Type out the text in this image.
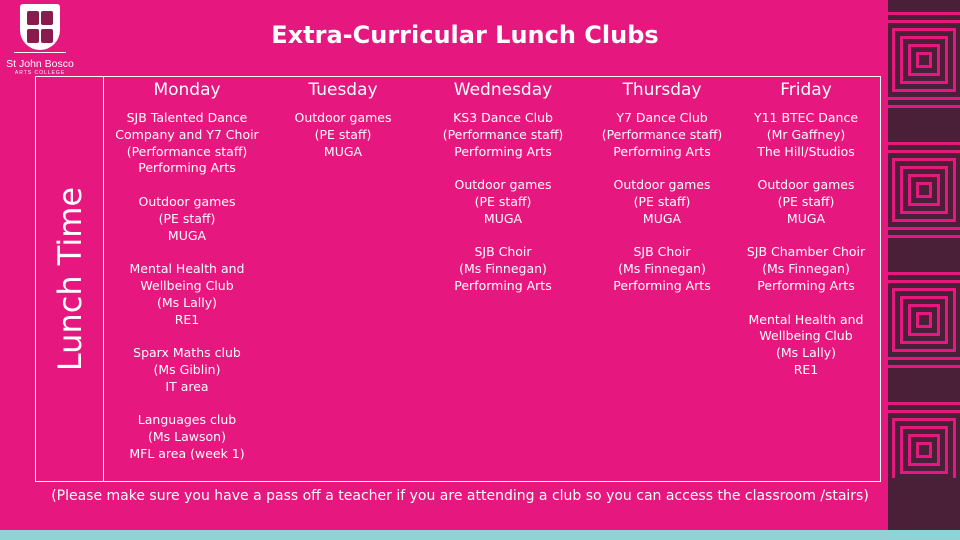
St John Bosco
ARTS COLLEGE
Extra-Curricular Lunch Clubs
Lunch Time
Monday
SJB Talented Dance
Company and Y7 Choir
(Performance staff)
Performing Arts
Outdoor games
(PE staff)
MUGA
Mental Health and
Wellbeing Club
(Ms Lally)
RE1
Sparx Maths club
(Ms Giblin)
IT area
Languages club
(Ms Lawson)
MFL area (week 1)
Tuesday
Outdoor games
(PE staff)
MUGA
Wednesday
KS3 Dance Club
(Performance staff)
Performing Arts
Outdoor games
(PE staff)
MUGA
SJB Choir
(Ms Finnegan)
Performing Arts
Thursday
Y7 Dance Club
(Performance staff)
Performing Arts
Outdoor games
(PE staff)
MUGA
SJB Choir
(Ms Finnegan)
Performing Arts
Friday
Y11 BTEC Dance
(Mr Gaffney)
The Hill/Studios
Outdoor games
(PE staff)
MUGA
SJB Chamber Choir
(Ms Finnegan)
Performing Arts
Mental Health and
Wellbeing Club
(Ms Lally)
RE1
(Please make sure you have a pass off a teacher if you are attending a club so you can access the classroom /stairs)
